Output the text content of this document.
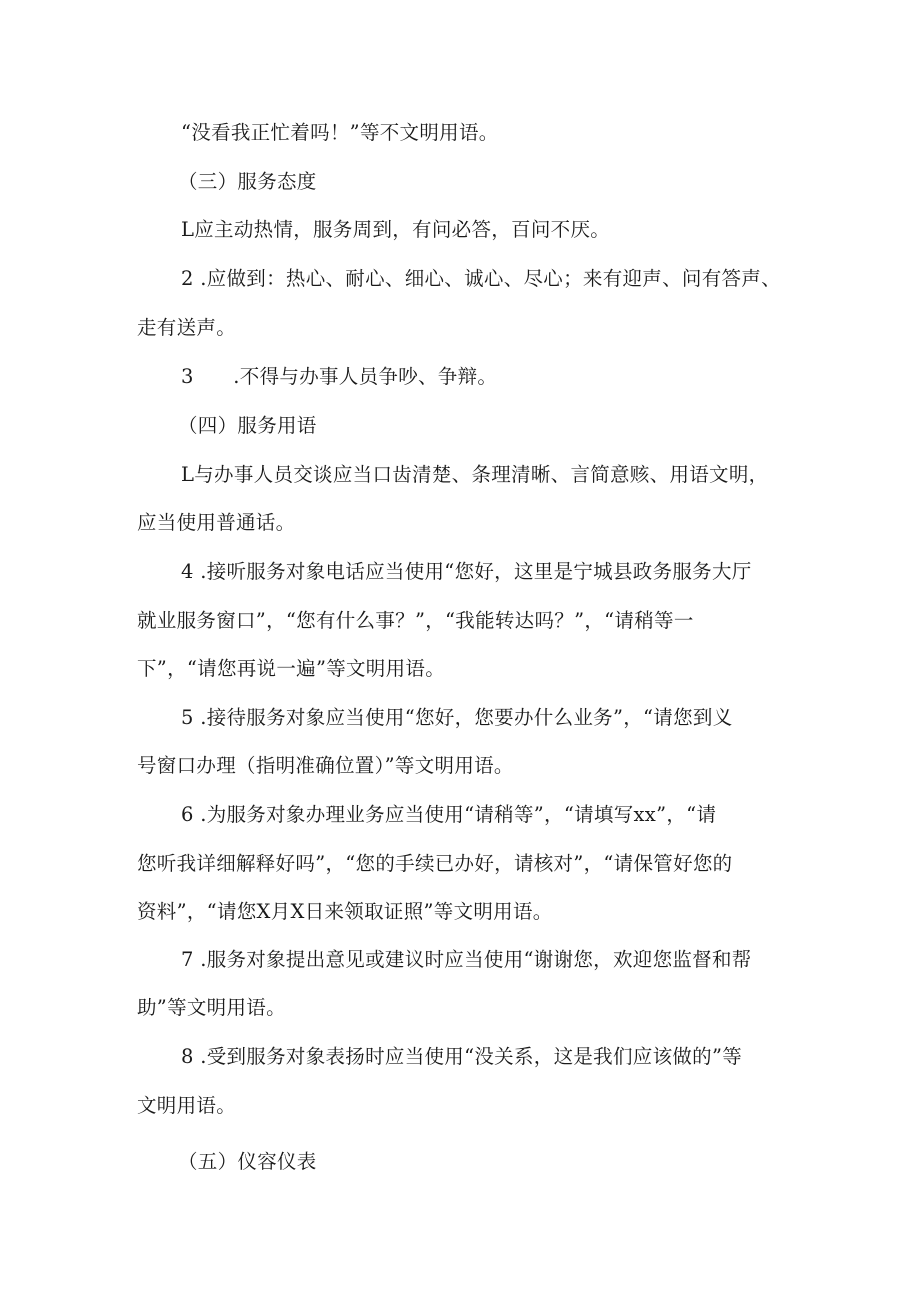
“没看我正忙着吗！”等不文明用语。
（三）服务态度
L应主动热情，服务周到，有问必答，百问不厌。
2 .应做到：热心、耐心、细心、诚心、尽心；来有迎声、问有答声、
走有送声。
3　　.不得与办事人员争吵、争辩。
（四）服务用语
L与办事人员交谈应当口齿清楚、条理清晰、言简意赅、用语文明，
应当使用普通话。
4 .接听服务对象电话应当使用“您好，这里是宁城县政务服务大厅
就业服务窗口”，“您有什么事？”，“我能转达吗？”，“请稍等一
下”，“请您再说一遍”等文明用语。
5 .接待服务对象应当使用“您好，您要办什么业务”，“请您到义
号窗口办理（指明准确位置）”等文明用语。
6 .为服务对象办理业务应当使用“请稍等”，“请填写xx”，“请
您听我详细解释好吗”，“您的手续已办好，请核对”，“请保管好您的
资料”，“请您X月X日来领取证照”等文明用语。
7 .服务对象提出意见或建议时应当使用“谢谢您，欢迎您监督和帮
助”等文明用语。
8 .受到服务对象表扬时应当使用“没关系，这是我们应该做的”等
文明用语。
（五）仪容仪表
